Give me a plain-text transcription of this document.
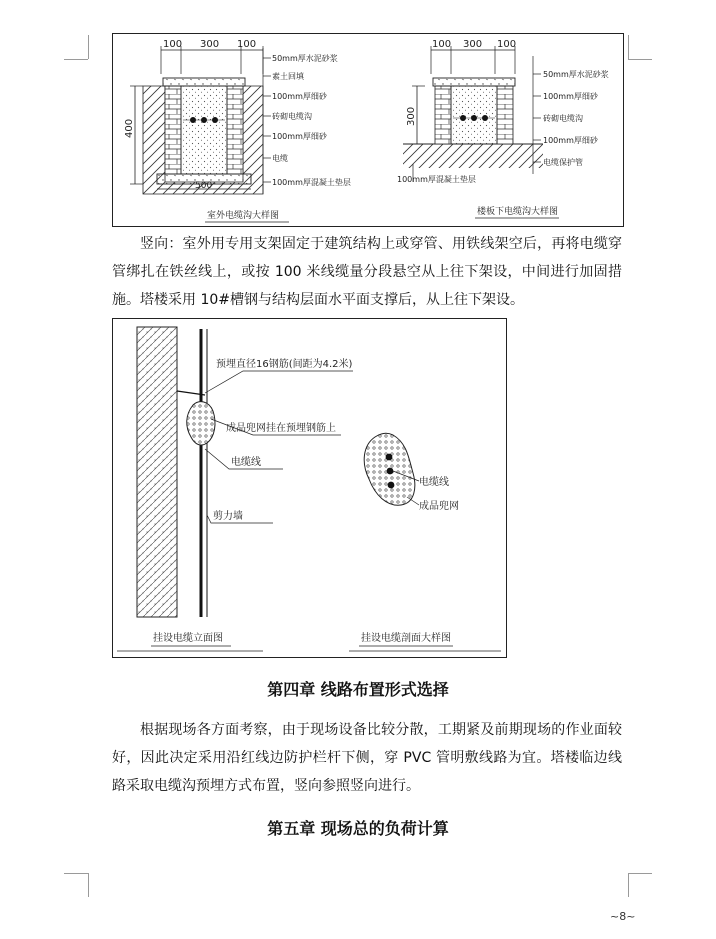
100 300 100
400
500
50mm厚水泥砂浆
素土回填
100mm厚细砂
砖砌电缆沟
100mm厚细砂
电缆
100mm厚混凝土垫层
室外电缆沟大样图
100 300 100
300
50mm厚水泥砂浆
100mm厚细砂
砖砌电缆沟
100mm厚细砂
电缆保护管
100mm厚混凝土垫层
楼板下电缆沟大样图

竖向：室外用专用支架固定于建筑结构上或穿管、用铁线架空后，再将电缆穿管绑扎在铁丝线上，或按 100 米线缆量分段悬空从上往下架设，中间进行加固措施。塔楼采用 10#槽钢与结构层面水平面支撑后，从上往下架设。

预埋直径16钢筋(间距为4.2米)
成品兜网挂在预埋钢筋上
电缆线
剪力墙
电缆线
成品兜网
挂设电缆立面图	挂设电缆剖面大样图
第四章 线路布置形式选择

根据现场各方面考察，由于现场设备比较分散，工期紧及前期现场的作业面较好，因此决定采用沿红线边防护栏杆下侧，穿 PVC 管明敷线路为宜。塔楼临边线路采取电缆沟预埋方式布置，竖向参照竖向进行。

第五章 现场总的负荷计算
~8~
